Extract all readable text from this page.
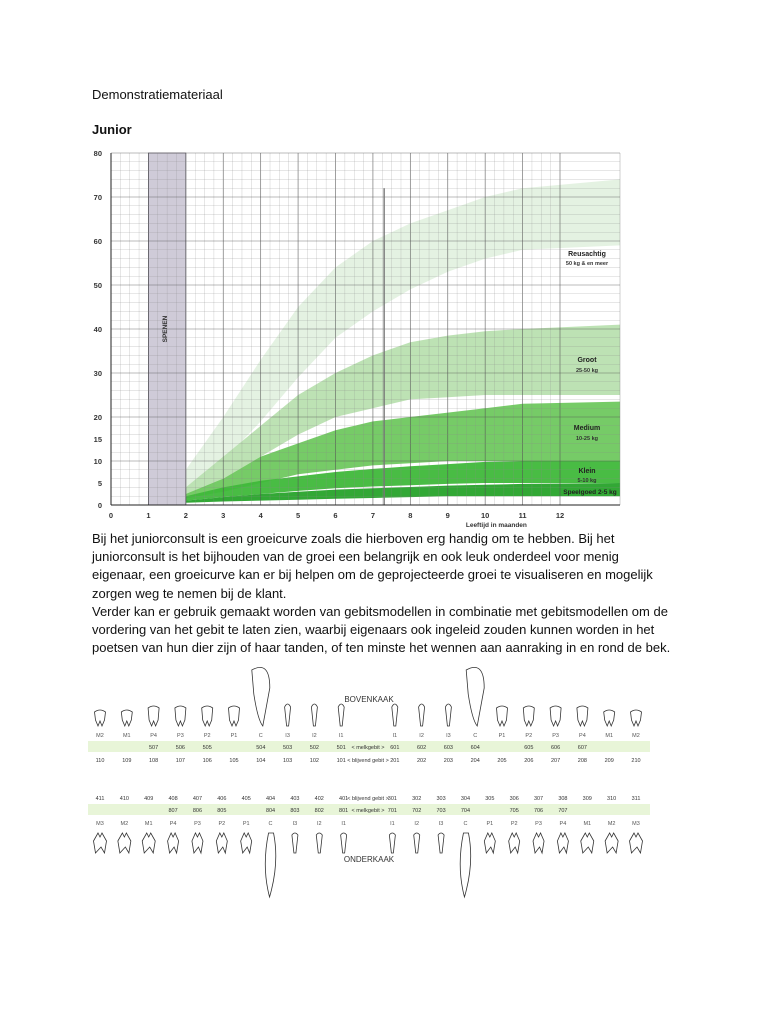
Demonstratiemateriaal
Junior
SPENEN
0
5
10
15
20
30
40
50
60
70
80
0	1	2	3	4	5	6	7	8	9	10	11	12
Leeftijd in maanden
Reusachtig
50 kg & en meer
Groot
25-50 kg
Medium
10-25 kg
Klein
5-10 kg
Speelgoed 2-5 kg

Bij het juniorconsult is een groeicurve zoals die hierboven erg handig om te hebben. Bij het juniorconsult is het bijhouden van de groei een belangrijk en ook leuk onderdeel voor menig eigenaar, een groeicurve kan er bij helpen om de geprojecteerde groei te visualiseren en mogelijk zorgen weg te nemen bij de klant.

Verder kan er gebruik gemaakt worden van gebitsmodellen in combinatie met gebitsmodellen om de vordering van het gebit te laten zien, waarbij eigenaars ook ingeleid zouden kunnen worden in het poetsen van hun dier zijn of haar tanden, of ten minste het wennen aan aanraking in en rond de bek.

BOVENKAAK
M2	M1	P4	P3	P2	P1	C	I3	I2	I1	I1	I2	I3	C	P1	P2	P3	P4	M1	M2
507	506	505	504	503	502	501	601	602	603	604	605	606	607
110	109	108	107	106	105	104	103	102	101	201	202	203	204	205	206	207	208	209	210
< melkgebit >
< blijvend gebit >
411	410	409	408	407	406	405	404	403	402	401	301	302	303	304	305	306	307	308	309	310	311
807	806	805	804	803	802	801	701	702	703	704	705	706	707
< blijvend gebit >
< melkgebit >
M3	M2	M1	P4	P3	P2	P1	C	I3	I2	I1	I1	I2	I3	C	P1	P2	P3	P4	M1	M2	M3
ONDERKAAK
